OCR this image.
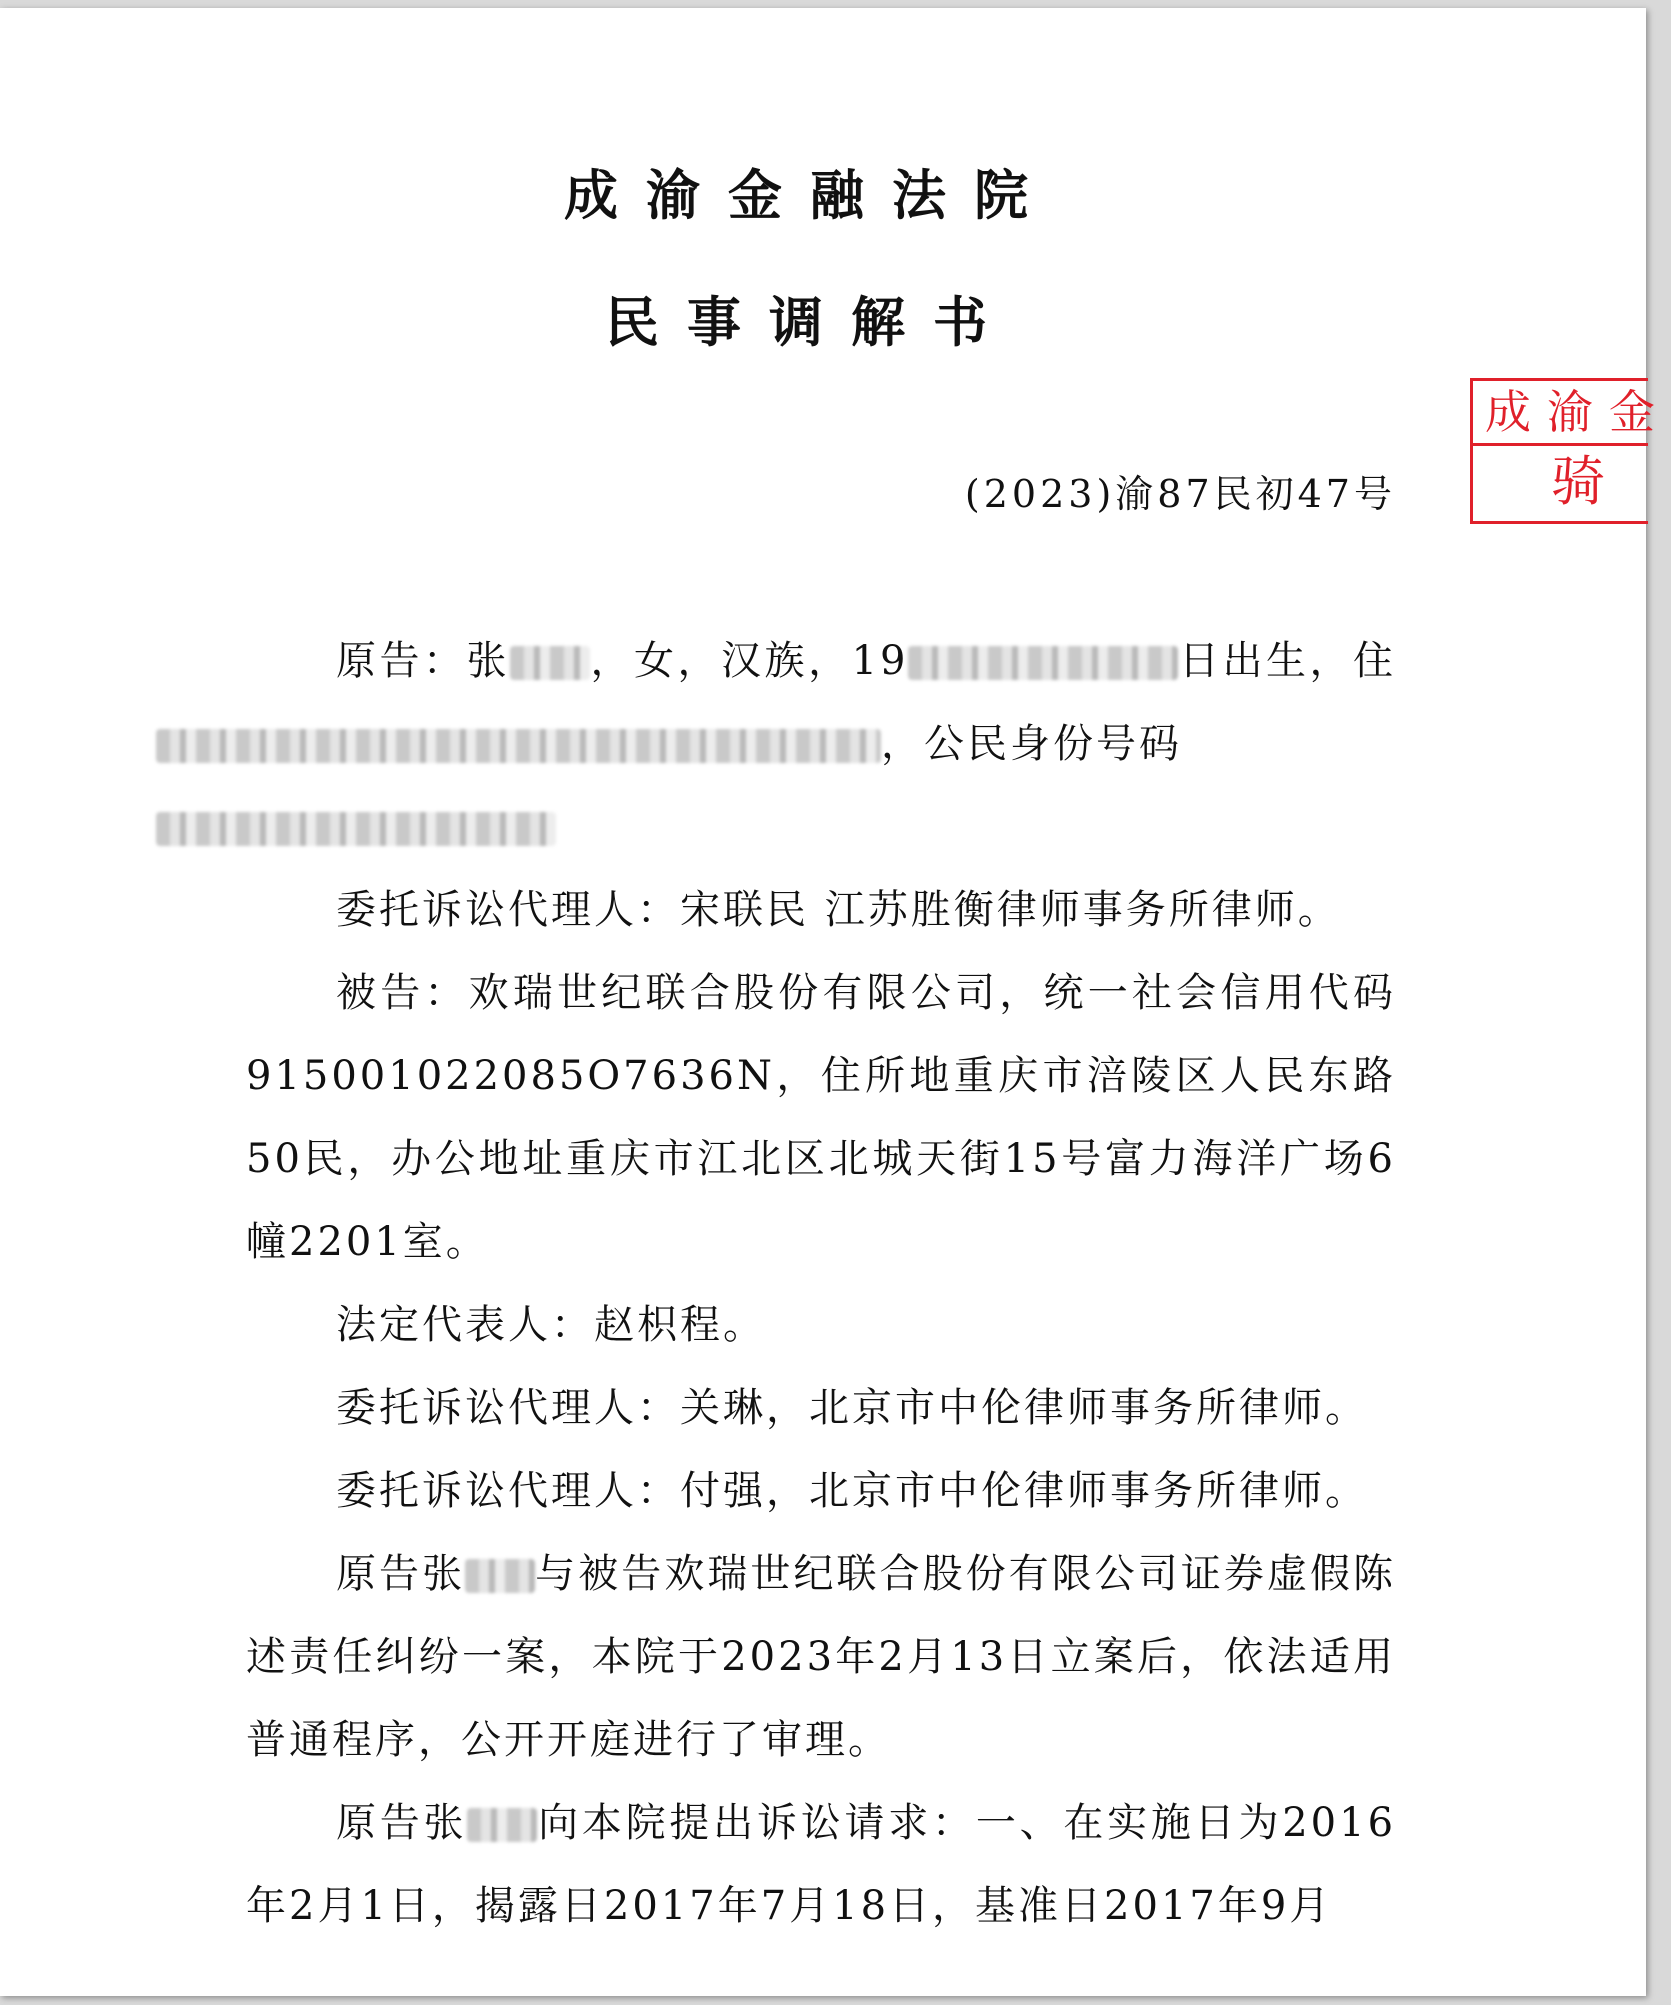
成渝金融法院
民事调解书
(2023)渝87民初47号
成渝金
骑

原告：张 ，女，汉族，19	日出生，住，公民身份号码

委托诉讼代理人：宋联民 江苏胜衡律师事务所律师。

被告：欢瑞世纪联合股份有限公司，统一社会信用代码915001022085O7636N，住所地重庆市涪陵区人民东路50民，办公地址重庆市江北区北城天街15号富力海洋广场6幢2201室。

法定代表人：赵枳程。

委托诉讼代理人：关琳，北京市中伦律师事务所律师。

委托诉讼代理人：付强，北京市中伦律师事务所律师。

原告张 与被告欢瑞世纪联合股份有限公司证券虚假陈述责任纠纷一案，本院于2023年2月13日立案后，依法适用普通程序，公开开庭进行了审理。

原告张 向本院提出诉讼请求：一、在实施日为2016年2月1日，揭露日2017年7月18日，基准日2017年9月
